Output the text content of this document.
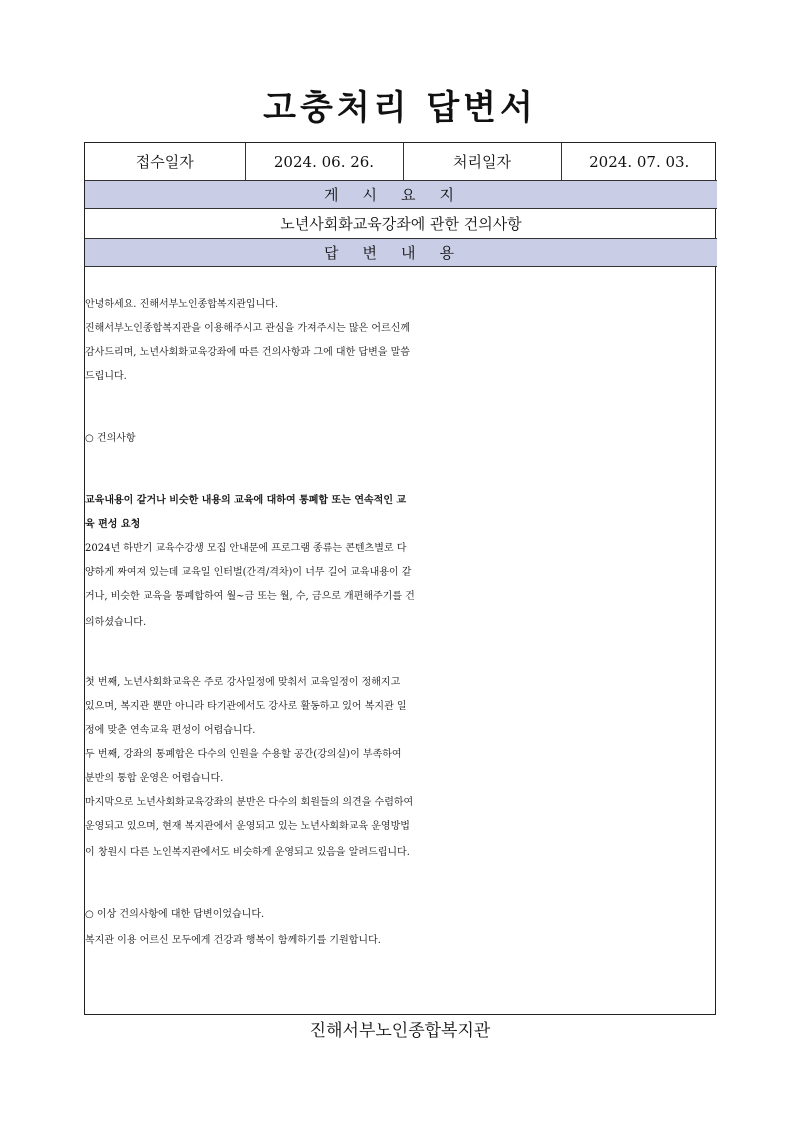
고충처리 답변서
접수일자	2024. 06. 26.	처리일자	2024. 07. 03.
게시요지
노년사회화교육강좌에 관한 건의사항
답변내용
안녕하세요. 진해서부노인종합복지관입니다.
진해서부노인종합복지관을 이용해주시고 관심을 가져주시는 많은 어르신께
감사드리며, 노년사회화교육강좌에 따른 건의사항과 그에 대한 답변을 말씀
드립니다.
○ 건의사항
교육내용이 같거나 비슷한 내용의 교육에 대하여 통폐합 또는 연속적인 교
육 편성 요청
2024년 하반기 교육수강생 모집 안내문에 프로그램 종류는 콘텐츠별로 다
양하게 짜여져 있는데 교육일 인터벌(간격/격차)이 너무 길어 교육내용이 같
거나, 비슷한 교육을 통폐합하여 월~금 또는 월, 수, 금으로 개편해주기를 건
의하셨습니다.
첫 번째, 노년사회화교육은 주로 강사일정에 맞춰서 교육일정이 정해지고
있으며, 복지관 뿐만 아니라 타기관에서도 강사로 활동하고 있어 복지관 일
정에 맞춘 연속교육 편성이 어렵습니다.
두 번째, 강좌의 통폐합은 다수의 인원을 수용할 공간(강의실)이 부족하여
분반의 통합 운영은 어렵습니다.
마지막으로 노년사회화교육강좌의 분반은 다수의 회원들의 의견을 수렴하여
운영되고 있으며, 현재 복지관에서 운영되고 있는 노년사회화교육 운영방법
이 창원시 다른 노인복지관에서도 비슷하게 운영되고 있음을 알려드립니다.
○ 이상 건의사항에 대한 답변이었습니다.
복지관 이용 어르신 모두에게 건강과 행복이 함께하기를 기원합니다.
진해서부노인종합복지관
